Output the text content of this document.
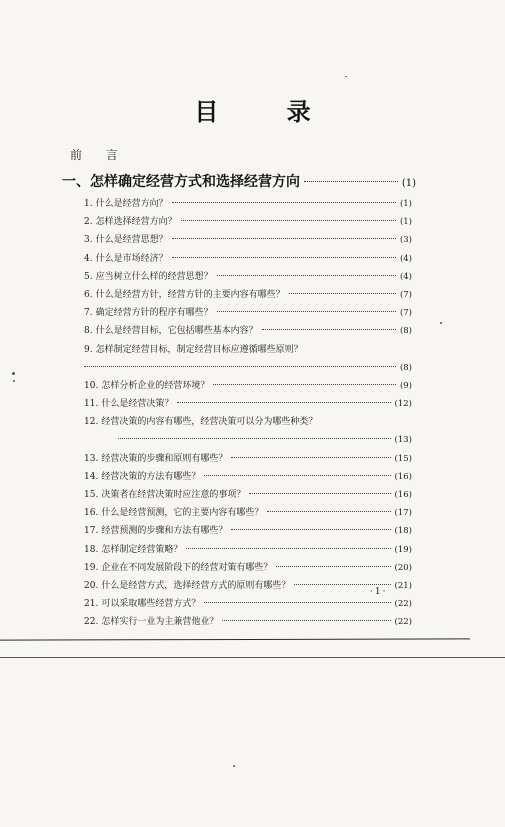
目 录
前 言
一、 怎样确定经营方式和选择经营方向	(1)
1. 什么是经营方向？	(1)
2. 怎样选择经营方向？	(1)
3. 什么是经营思想？	(3)
4. 什么是市场经济？	(4)
5. 应当树立什么样的经营思想？	(4)
6. 什么是经营方针，经营方针的主要内容有哪些？	(7)
7. 确定经营方针的程序有哪些？	(7)
8. 什么是经营目标，它包括哪些基本内容？	(8)
9. 怎样制定经营目标，制定经营目标应遵循哪些原则？
(8)
10. 怎样分析企业的经营环境？	(9)
11. 什么是经营决策？	(12)
12. 经营决策的内容有哪些，经营决策可以分为哪些种类？
(13)
13. 经营决策的步骤和原则有哪些？	(15)
14. 经营决策的方法有哪些？	(16)
15. 决策者在经营决策时应注意的事项？	(16)
16. 什么是经营预测，它的主要内容有哪些？	(17)
17. 经营预测的步骤和方法有哪些？	(18)
18. 怎样制定经营策略？	(19)
19. 企业在不同发展阶段下的经营对策有哪些？	(20)
20. 什么是经营方式，选择经营方式的原则有哪些？	(21)
21. 可以采取哪些经营方式？	(22)
22. 怎样实行一业为主兼营他业？	(22)
·1·
